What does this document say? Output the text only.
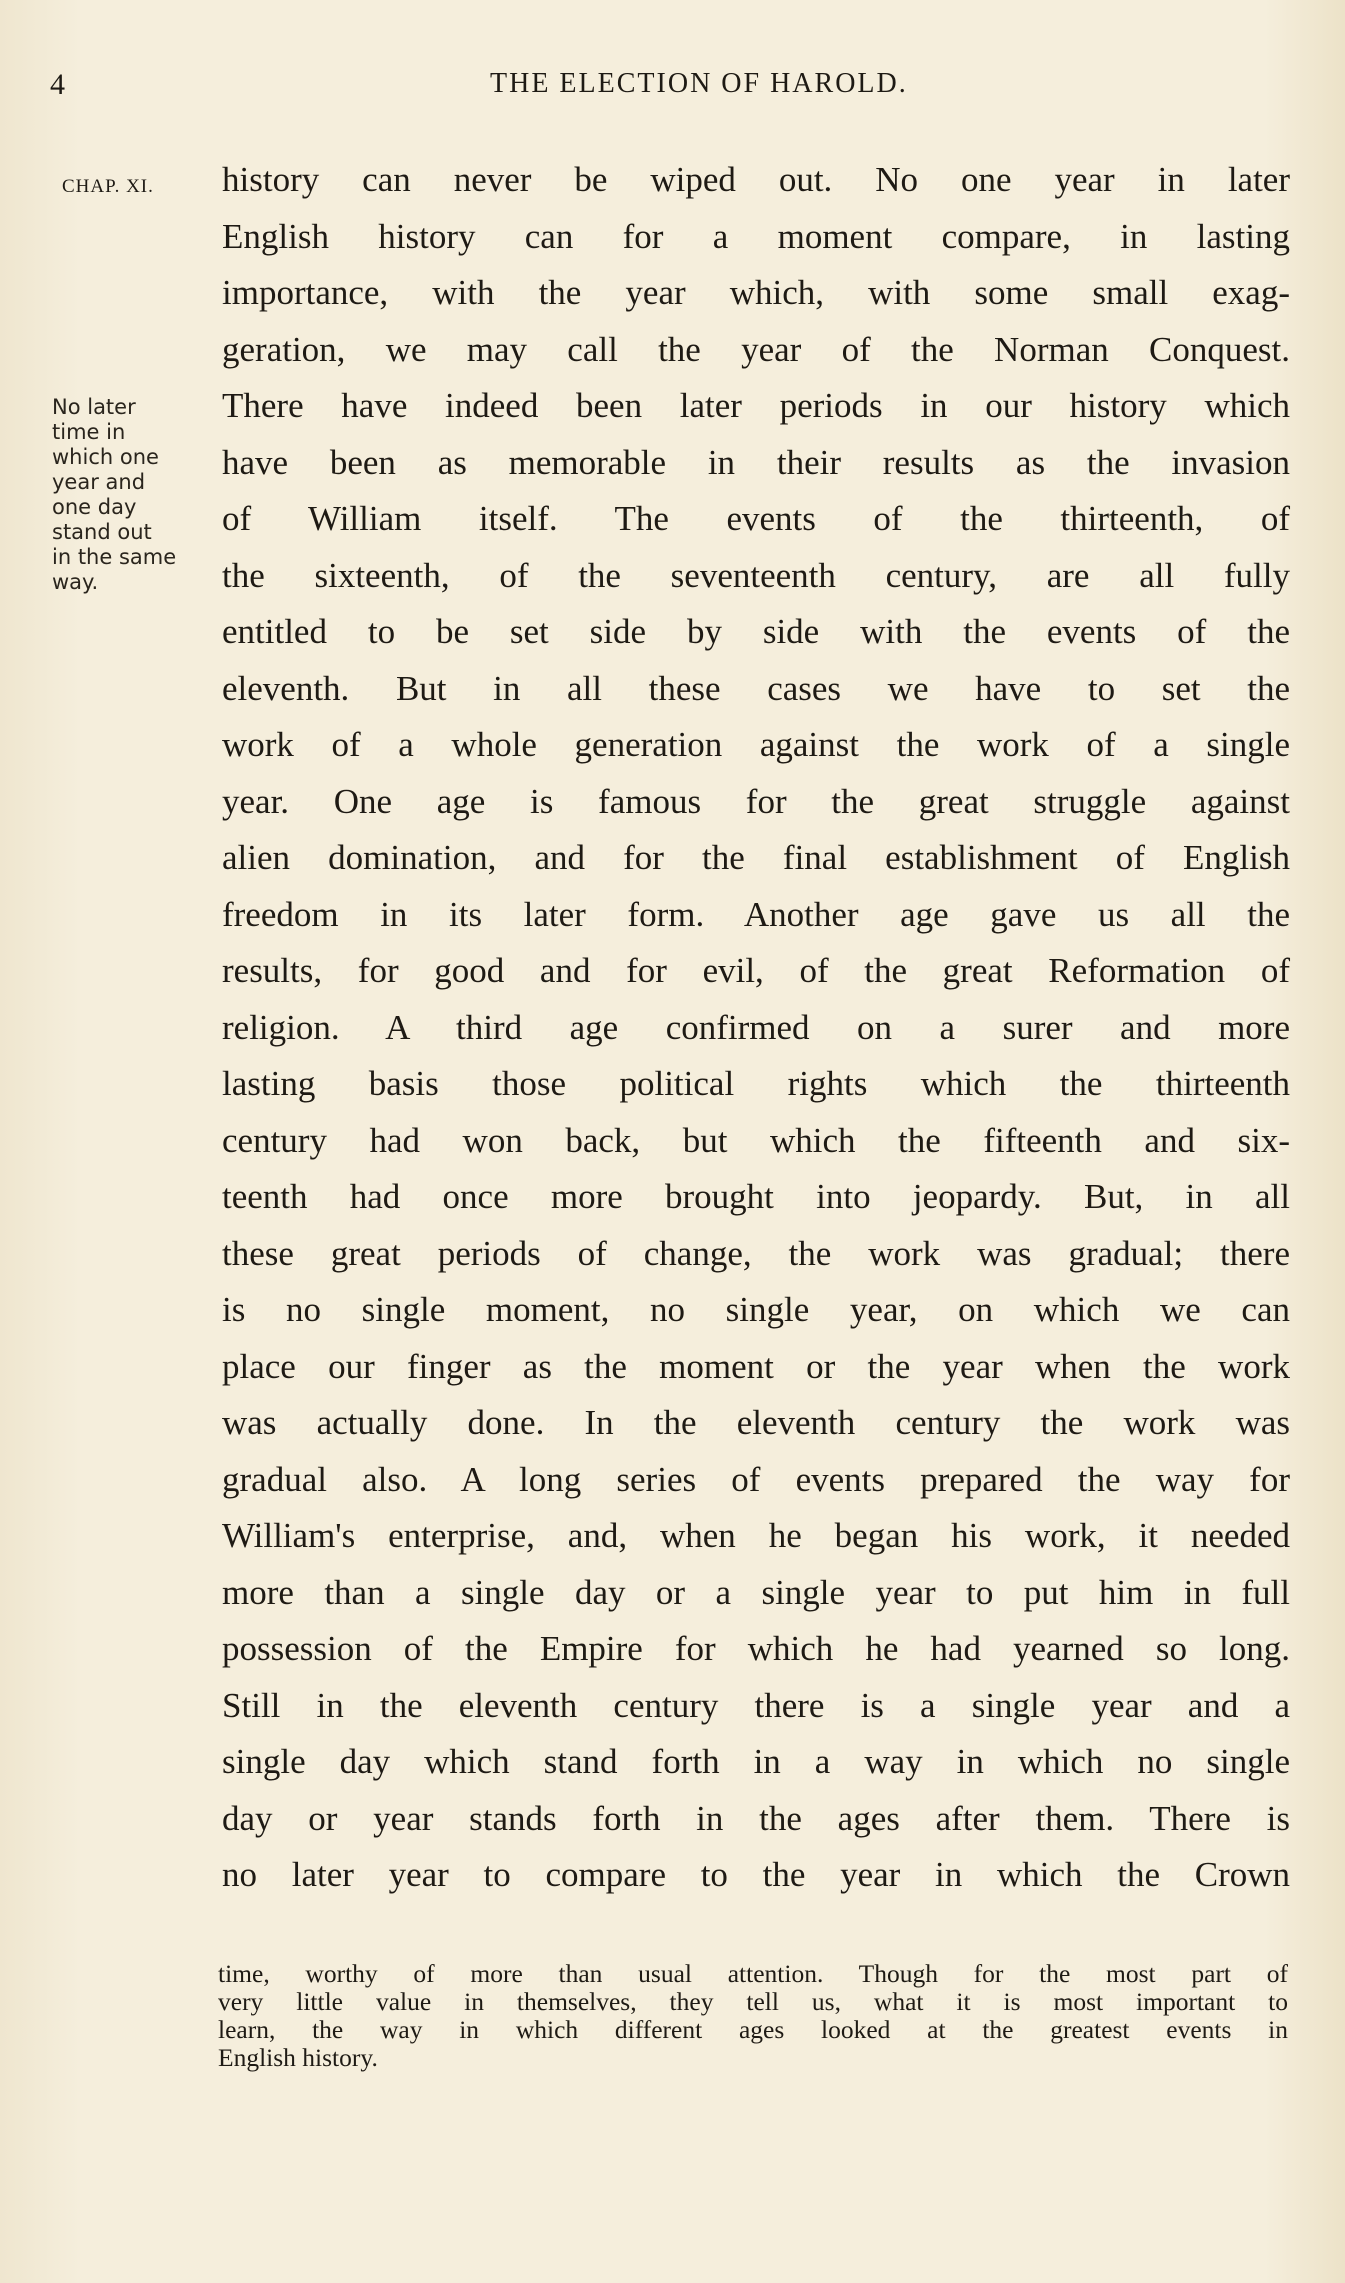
4	THE ELECTION OF HAROLD.
CHAP. XI.
No later
time in
which one
year and
one day
stand out
in the same
way.
history can never be wiped out. No one year in later
English history can for a moment compare, in lasting
importance, with the year which, with some small exag-
geration, we may call the year of the Norman Conquest.
There have indeed been later periods in our history which
have been as memorable in their results as the invasion
of William itself. The events of the thirteenth, of
the sixteenth, of the seventeenth century, are all fully
entitled to be set side by side with the events of the
eleventh. But in all these cases we have to set the
work of a whole generation against the work of a single
year. One age is famous for the great struggle against
alien domination, and for the final establishment of English
freedom in its later form. Another age gave us all the
results, for good and for evil, of the great Reformation of
religion. A third age confirmed on a surer and more
lasting basis those political rights which the thirteenth
century had won back, but which the fifteenth and six-
teenth had once more brought into jeopardy. But, in all
these great periods of change, the work was gradual; there
is no single moment, no single year, on which we can
place our finger as the moment or the year when the work
was actually done. In the eleventh century the work was
gradual also. A long series of events prepared the way for
William's enterprise, and, when he began his work, it needed
more than a single day or a single year to put him in full
possession of the Empire for which he had yearned so long.
Still in the eleventh century there is a single year and a
single day which stand forth in a way in which no single
day or year stands forth in the ages after them. There is
no later year to compare to the year in which the Crown
time, worthy of more than usual attention. Though for the most part of
very little value in themselves, they tell us, what it is most important to
learn, the way in which different ages looked at the greatest events in
English history.
